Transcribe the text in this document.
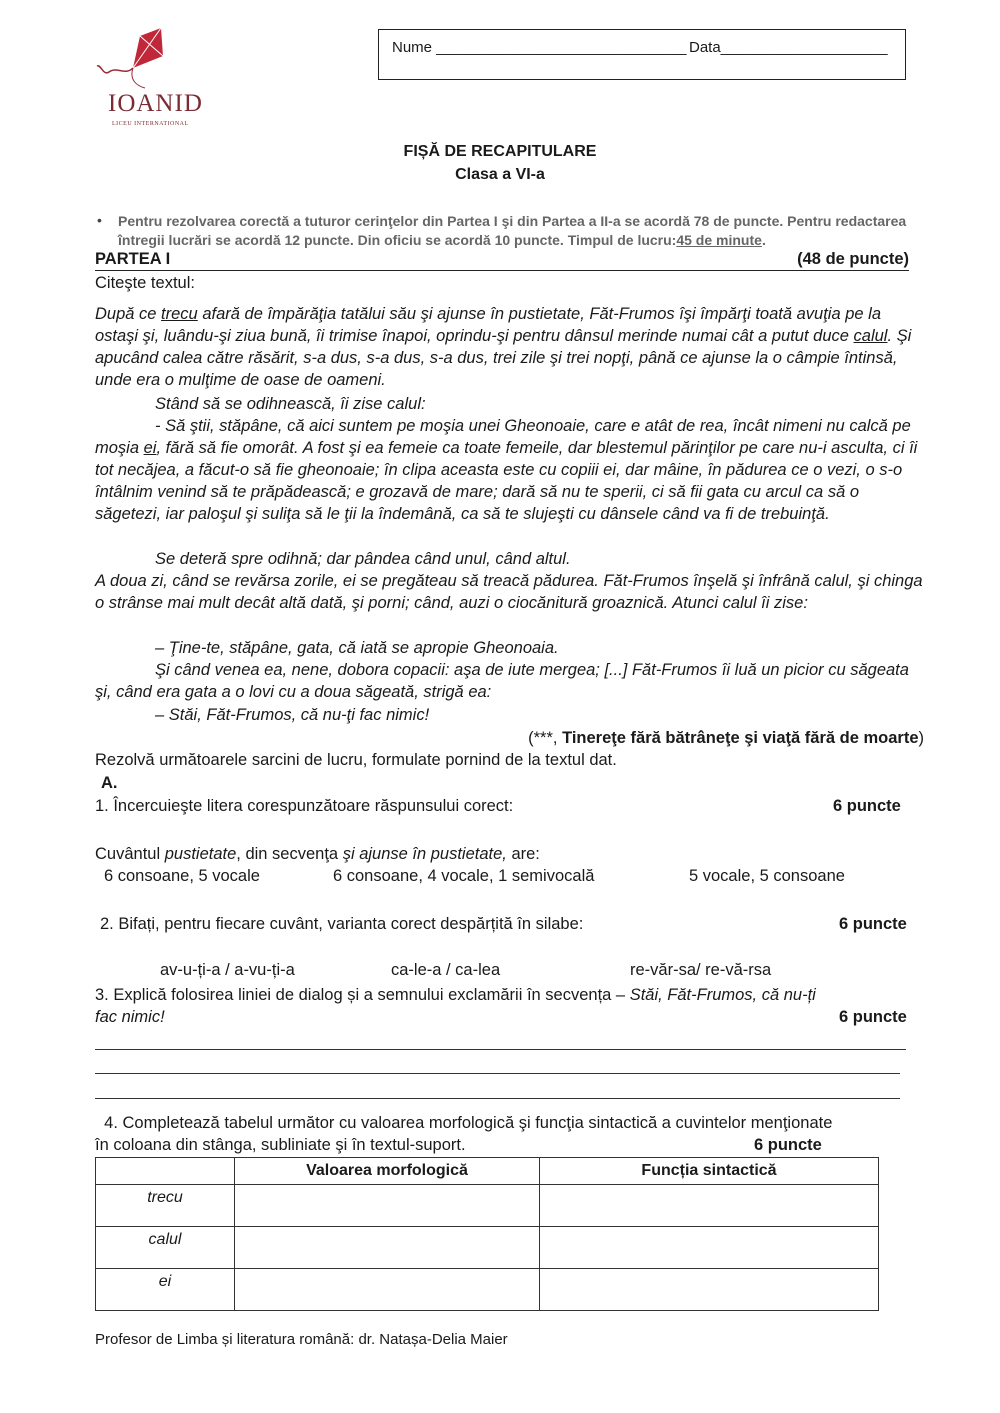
IOANID
LICEU INTERNATIONAL
Nume ______________________________ Data____________________
FIȘĂ DE RECAPITULARE
Clasa a VI-a
• Pentru rezolvarea corectă a tuturor cerinţelor din Partea I şi din Partea a II-a se acordă 78 de puncte. Pentru redactarea întregii lucrări se acordă 12 puncte. Din oficiu se acordă 10 puncte. Timpul de lucru:45 de minute.
PARTEA I	(48 de puncte)
Citeşte textul:
După ce trecu afară de împărăţia tatălui său şi ajunse în pustietate, Făt-Frumos îşi împărţi toată avuţia pe la ostaşi şi, luându-şi ziua bună, îi trimise înapoi, oprindu-şi pentru dânsul merinde numai cât a putut duce calul. Şi apucând calea către răsărit, s-a dus, s-a dus, s-a dus, trei zile şi trei nopţi, până ce ajunse la o câmpie întinsă, unde era o mulţime de oase de oameni.
Stând să se odihnească, îi zise calul:
- Să ştii, stăpâne, că aici suntem pe moşia unei Gheonoaie, care e atât de rea, încât nimeni nu calcă pe moşia ei, fără să fie omorât. A fost şi ea femeie ca toate femeile, dar blestemul părinţilor pe care nu-i asculta, ci îi tot necăjea, a făcut-o să fie gheonoaie; în clipa aceasta este cu copiii ei, dar mâine, în pădurea ce o vezi, o s-o întâlnim venind să te prăpădească; e grozavă de mare; dară să nu te sperii, ci să fii gata cu arcul ca să o săgetezi, iar paloşul şi suliţa să le ţii la îndemână, ca să te slujeşti cu dânsele când va fi de trebuinţă.
Se deteră spre odihnă; dar pândea când unul, când altul.
A doua zi, când se revărsa zorile, ei se pregăteau să treacă pădurea. Făt-Frumos înşelă şi înfrână calul, şi chinga o strânse mai mult decât altă dată, şi porni; când, auzi o ciocănitură groaznică. Atunci calul îi zise:
– Ţine-te, stăpâne, gata, că iată se apropie Gheonoaia.
Şi când venea ea, nene, dobora copacii: aşa de iute mergea; [...] Făt-Frumos îi luă un picior cu săgeata şi, când era gata a o lovi cu a doua săgeată, strigă ea:
– Stăi, Făt-Frumos, că nu-ţi fac nimic!
(***, Tinereţe fără bătrâneţe şi viaţă fără de moarte)
Rezolvă următoarele sarcini de lucru, formulate pornind de la textul dat.
A.
1. Încercuieşte litera corespunzătoare răspunsului corect:	6 puncte
Cuvântul pustietate, din secvenţa şi ajunse în pustietate, are:
6 consoane, 5 vocale	6 consoane, 4 vocale, 1 semivocală	5 vocale, 5 consoane
2. Bifați, pentru fiecare cuvânt, varianta corect despărțită în silabe:	6 puncte
av-u-ți-a / a-vu-ți-a	ca-le-a / ca-lea	re-văr-sa/ re-vă-rsa
3. Explică folosirea liniei de dialog și a semnului exclamării în secvența – Stăi, Făt-Frumos, că nu-ți
fac nimic!	6 puncte
4. Completează tabelul următor cu valoarea morfologică şi funcţia sintactică a cuvintelor menţionate
în coloana din stânga, subliniate şi în textul-suport.	6 puncte
	Valoarea morfologică	Funcția sintactică
trecu		
calul		
ei		
Profesor de Limba și literatura română: dr. Natașa-Delia Maier
